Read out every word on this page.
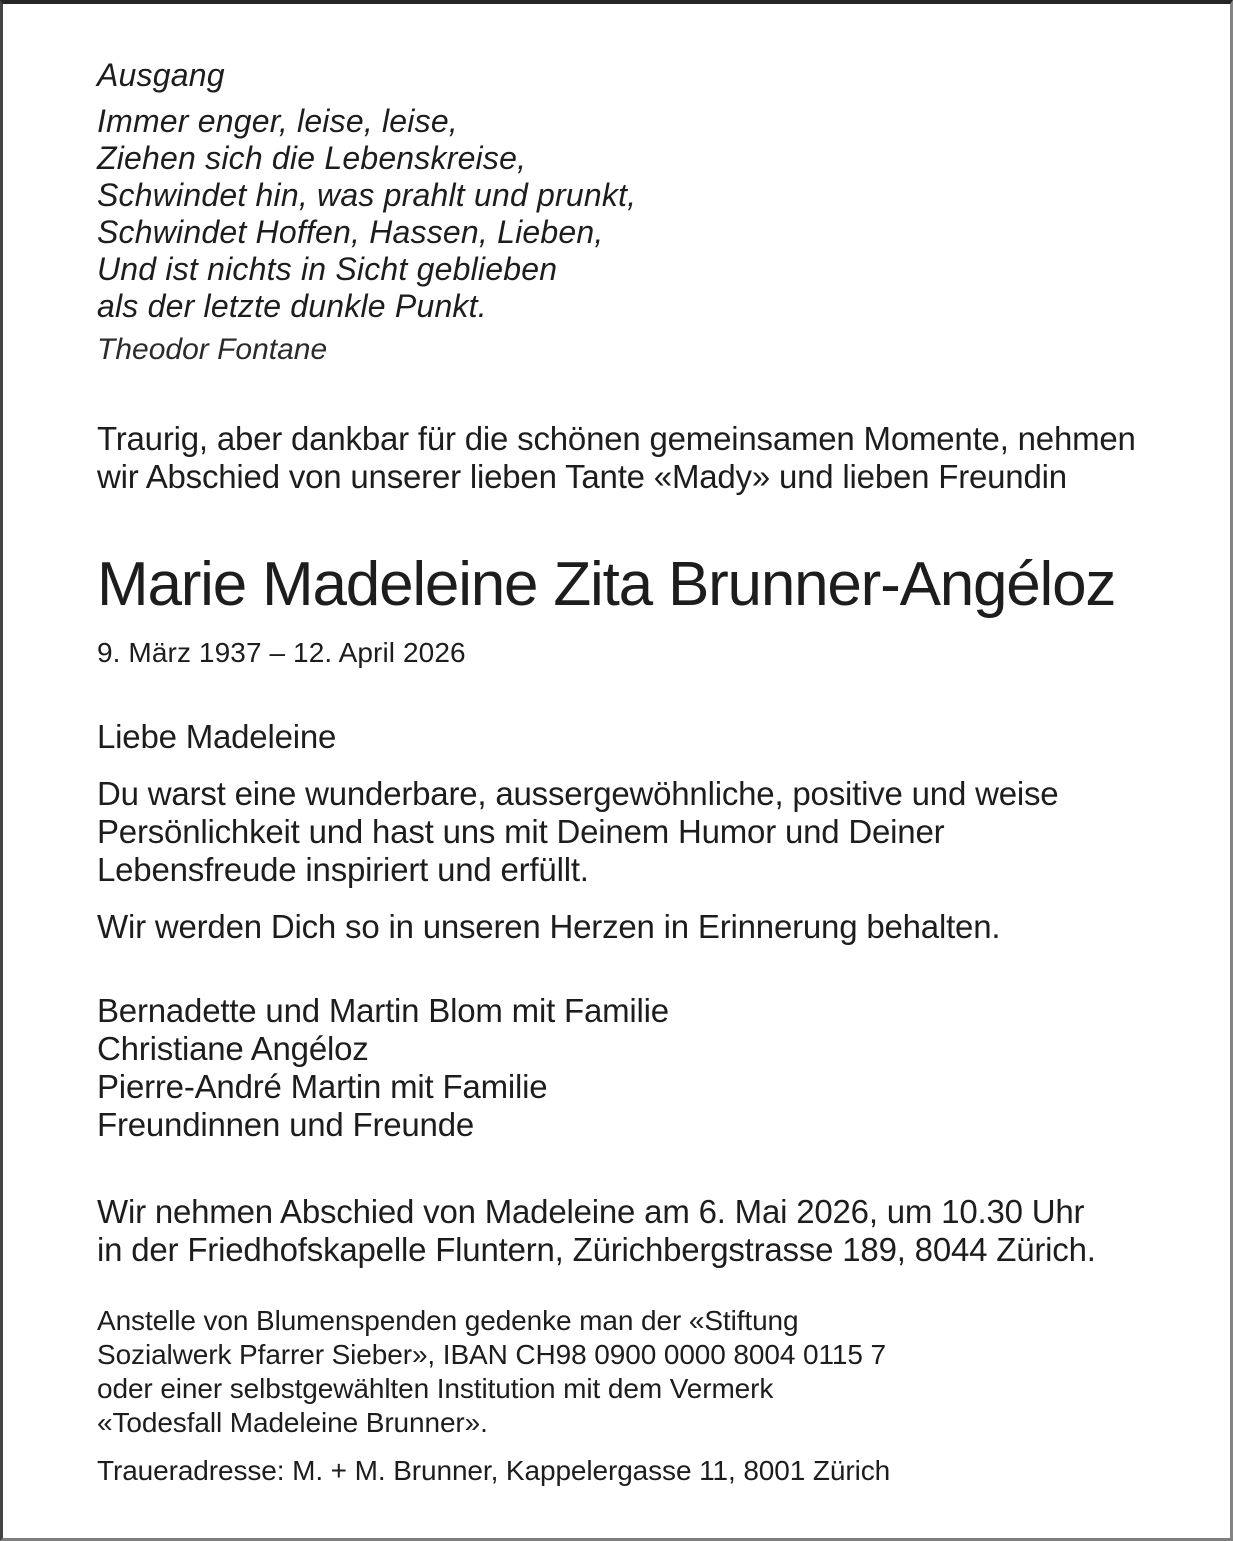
Ausgang
Immer enger, leise, leise,
Ziehen sich die Lebenskreise,
Schwindet hin, was prahlt und prunkt,
Schwindet Hoffen, Hassen, Lieben,
Und ist nichts in Sicht geblieben
als der letzte dunkle Punkt.
Theodor Fontane
Traurig, aber dankbar für die schönen gemeinsamen Momente, nehmen
wir Abschied von unserer lieben Tante «Mady» und lieben Freundin
Marie Madeleine Zita Brunner-Angéloz
9. März 1937 – 12. April 2026
Liebe Madeleine
Du warst eine wunderbare, aussergewöhnliche, positive und weise
Persönlichkeit und hast uns mit Deinem Humor und Deiner
Lebensfreude inspiriert und erfüllt.
Wir werden Dich so in unseren Herzen in Erinnerung behalten.
Bernadette und Martin Blom mit Familie
Christiane Angéloz
Pierre-André Martin mit Familie
Freundinnen und Freunde
Wir nehmen Abschied von Madeleine am 6. Mai 2026, um 10.30 Uhr
in der Friedhofskapelle Fluntern, Zürichbergstrasse 189, 8044 Zürich.
Anstelle von Blumenspenden gedenke man der «Stiftung
Sozialwerk Pfarrer Sieber», IBAN CH98 0900 0000 8004 0115 7
oder einer selbstgewählten Institution mit dem Vermerk
«Todesfall Madeleine Brunner».
Traueradresse: M. + M. Brunner, Kappelergasse 11, 8001 Zürich
